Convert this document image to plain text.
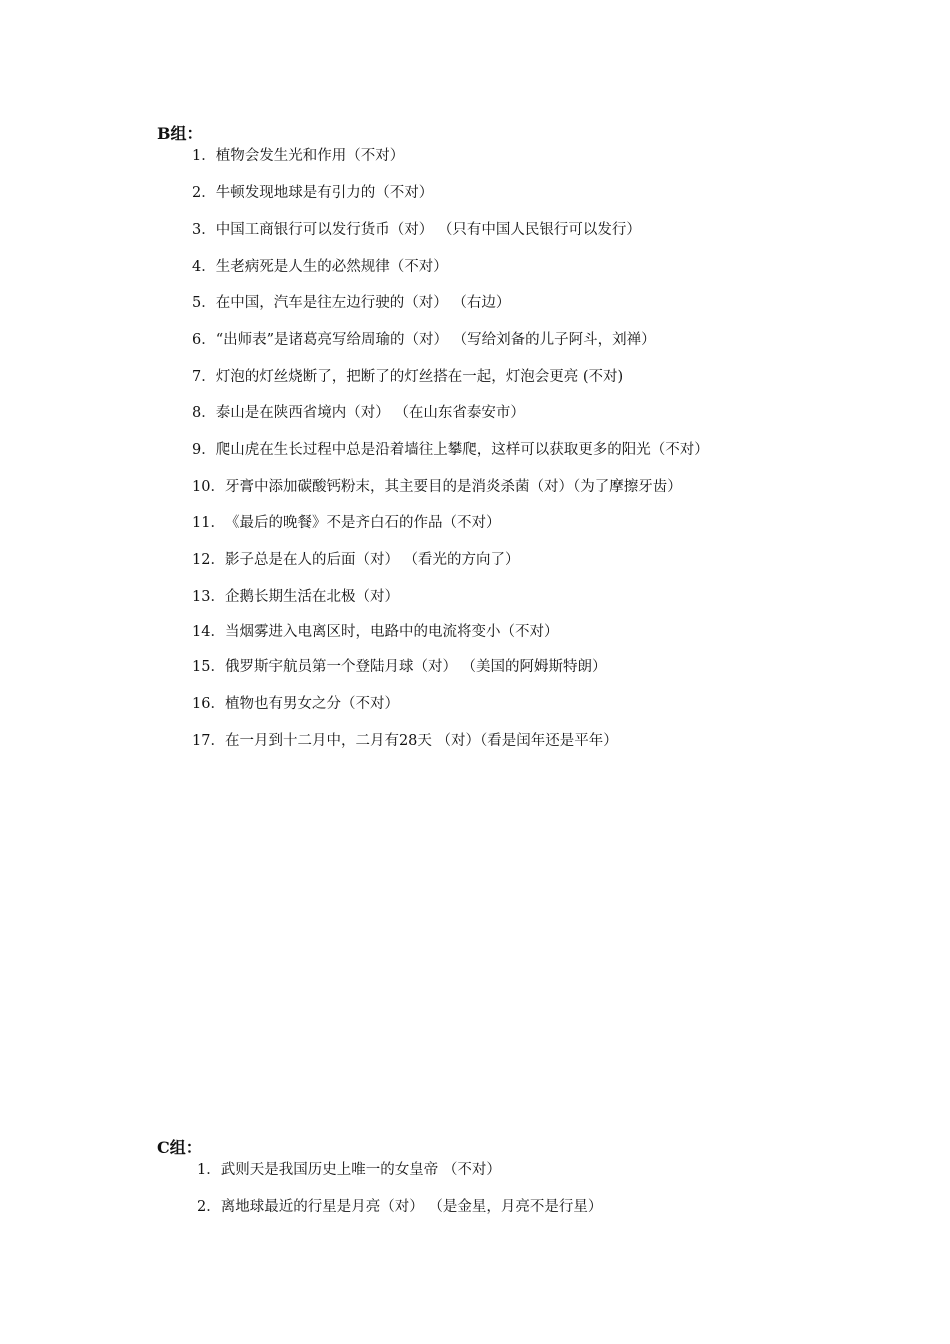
B组：
1．植物会发生光和作用（不对）
2．牛顿发现地球是有引力的（不对）
3．中国工商银行可以发行货币（对） （只有中国人民银行可以发行）
4．生老病死是人生的必然规律（不对）
5．在中国，汽车是往左边行驶的（对） （右边）
6．“出师表”是诸葛亮写给周瑜的（对） （写给刘备的儿子阿斗，刘禅）
7．灯泡的灯丝烧断了，把断了的灯丝搭在一起，灯泡会更亮 (不对)
8．泰山是在陕西省境内（对） （在山东省泰安市）
9．爬山虎在生长过程中总是沿着墙往上攀爬，这样可以获取更多的阳光（不对）
10．牙膏中添加碳酸钙粉末，其主要目的是消炎杀菌（对）（为了摩擦牙齿）
11．《最后的晚餐》不是齐白石的作品（不对）
12．影子总是在人的后面（对） （看光的方向了）
13．企鹅长期生活在北极（对）
14．当烟雾进入电离区时，电路中的电流将变小（不对）
15．俄罗斯宇航员第一个登陆月球（对） （美国的阿姆斯特朗）
16．植物也有男女之分（不对）
17．在一月到十二月中，二月有28天 （对）（看是闰年还是平年）
C组：
1．武则天是我国历史上唯一的女皇帝 （不对）
2．离地球最近的行星是月亮（对） （是金星，月亮不是行星）
